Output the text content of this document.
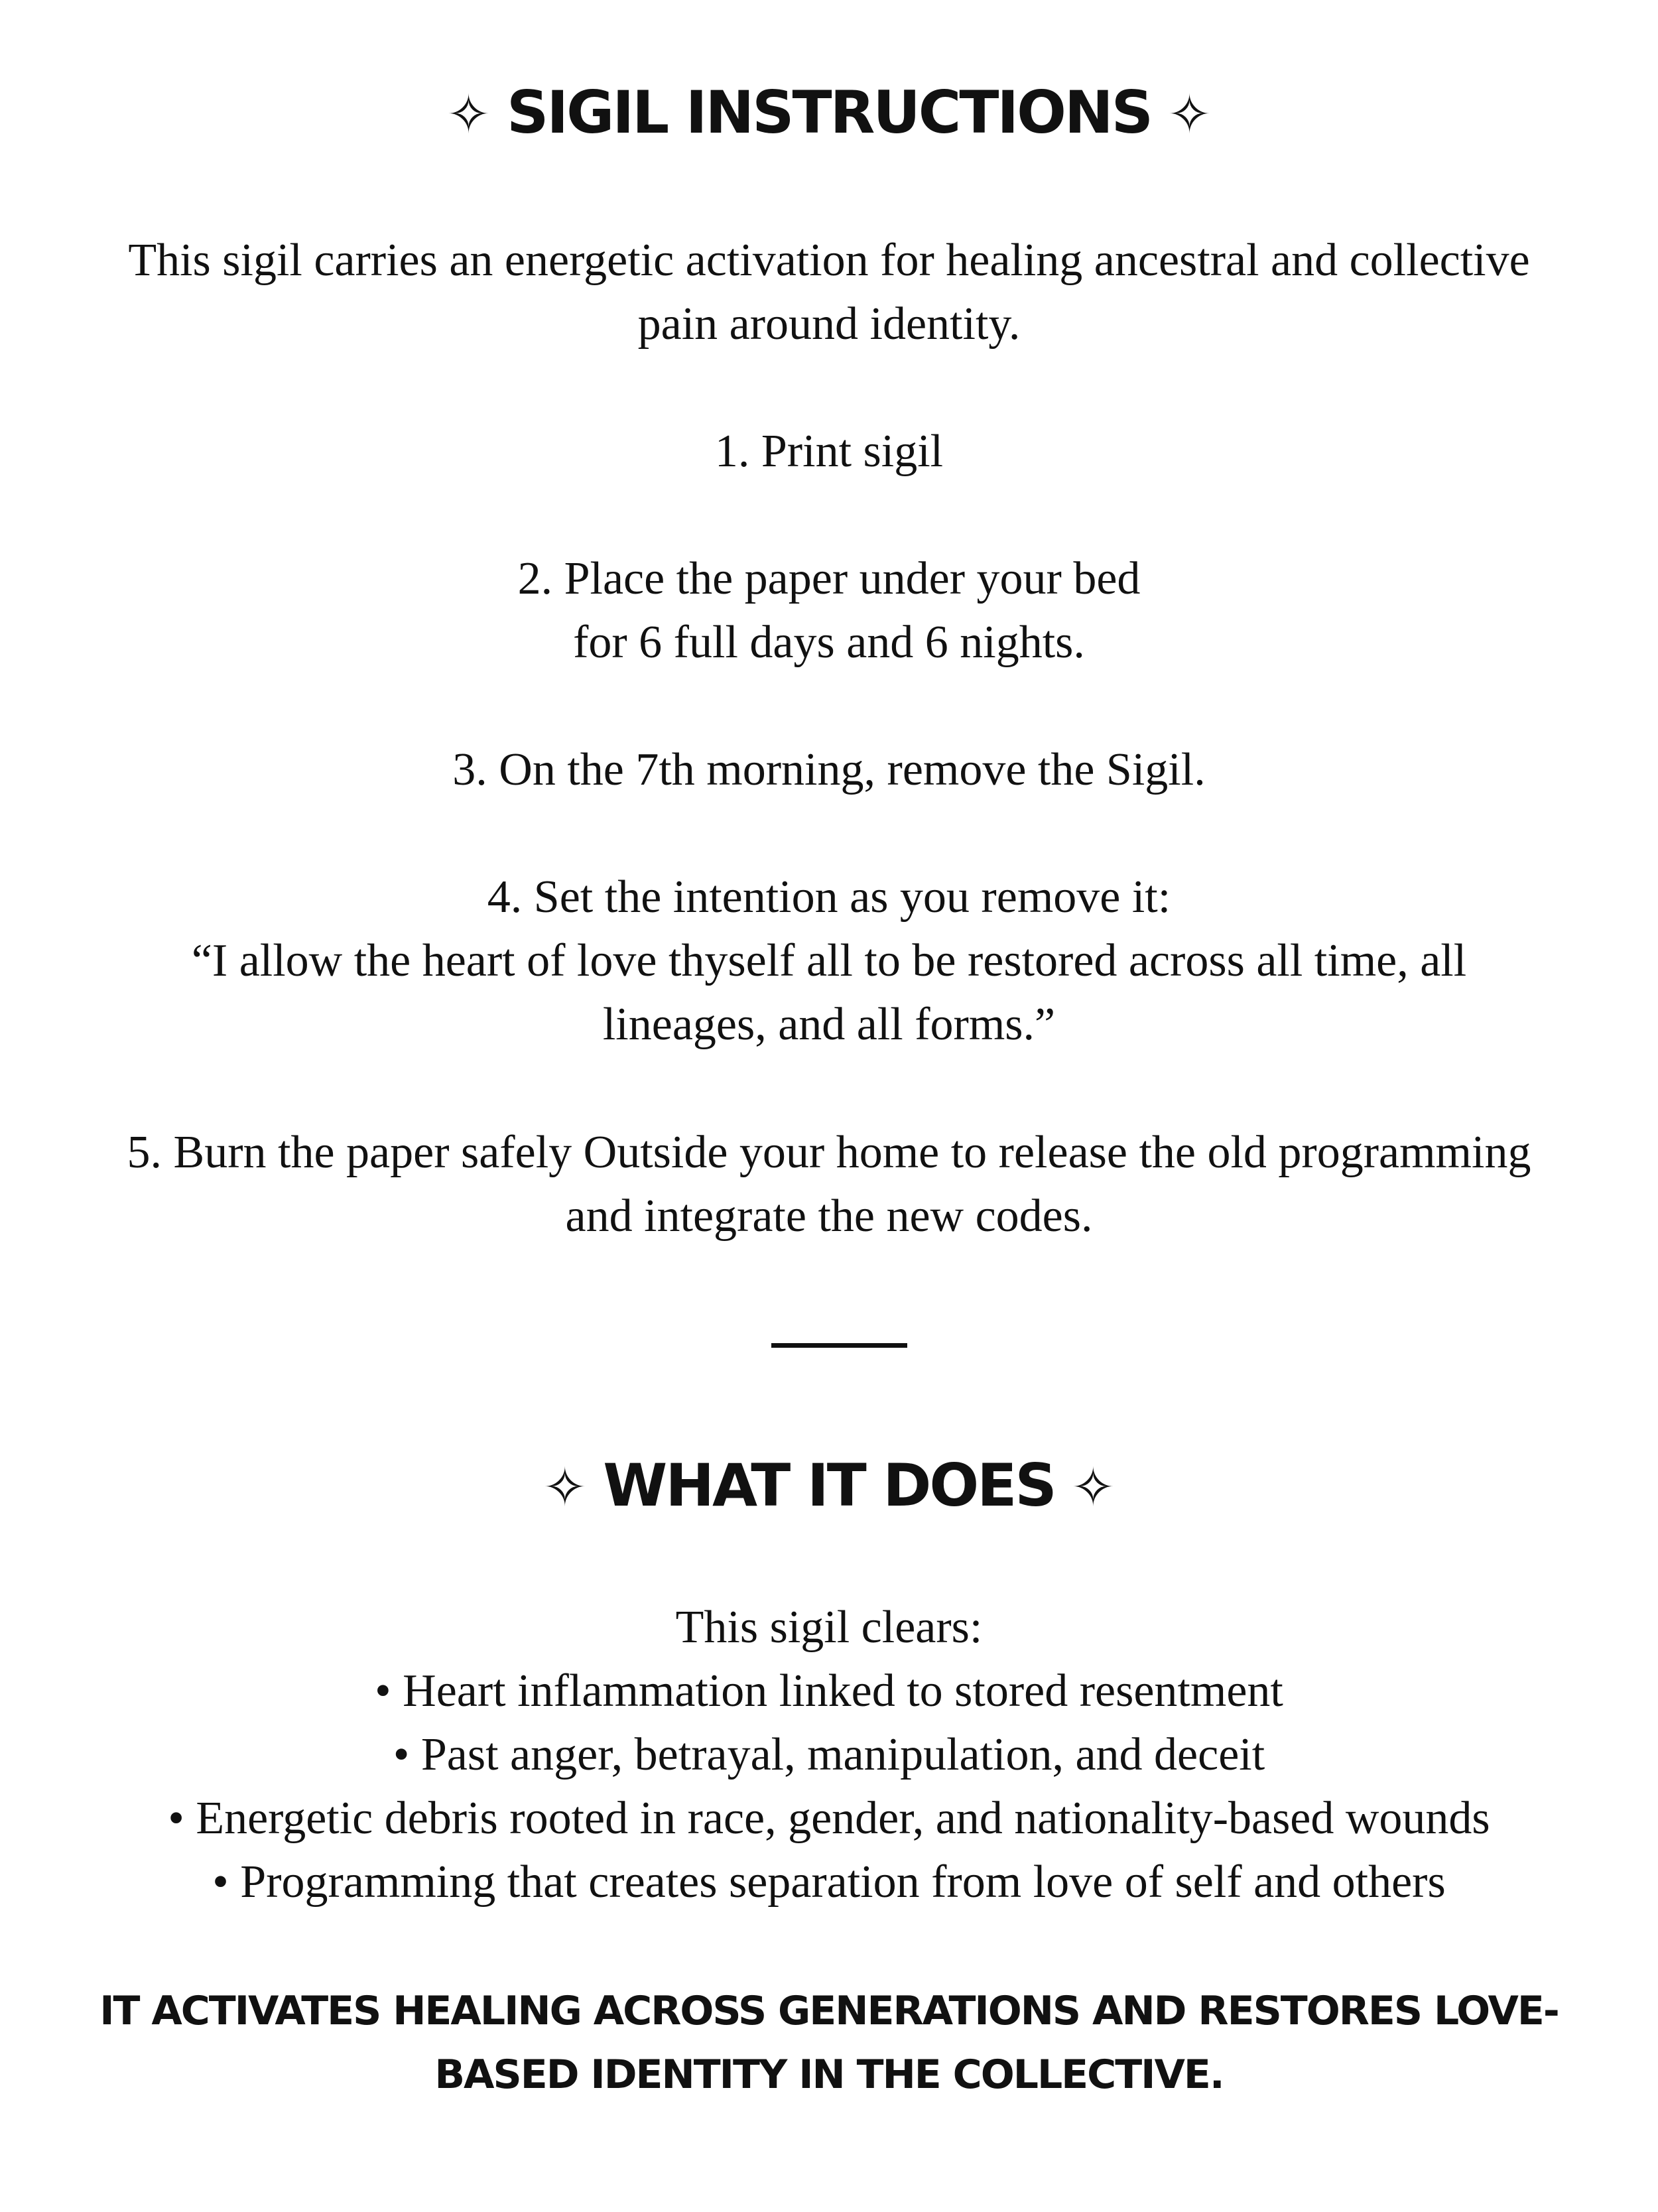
✧ SIGIL INSTRUCTIONS ✧
This sigil carries an energetic activation for healing ancestral and collective
pain around identity.
1. Print sigil
2. Place the paper under your bed
for 6 full days and 6 nights.
3. On the 7th morning, remove the Sigil.
4. Set the intention as you remove it:
“I allow the heart of love thyself all to be restored across all time, all
lineages, and all forms.”
5. Burn the paper safely Outside your home to release the old programming
and integrate the new codes.
✧ WHAT IT DOES ✧
This sigil clears:
• Heart inflammation linked to stored resentment
• Past anger, betrayal, manipulation, and deceit
• Energetic debris rooted in race, gender, and nationality-based wounds
• Programming that creates separation from love of self and others
IT ACTIVATES HEALING ACROSS GENERATIONS AND RESTORES LOVE-
BASED IDENTITY IN THE COLLECTIVE.
